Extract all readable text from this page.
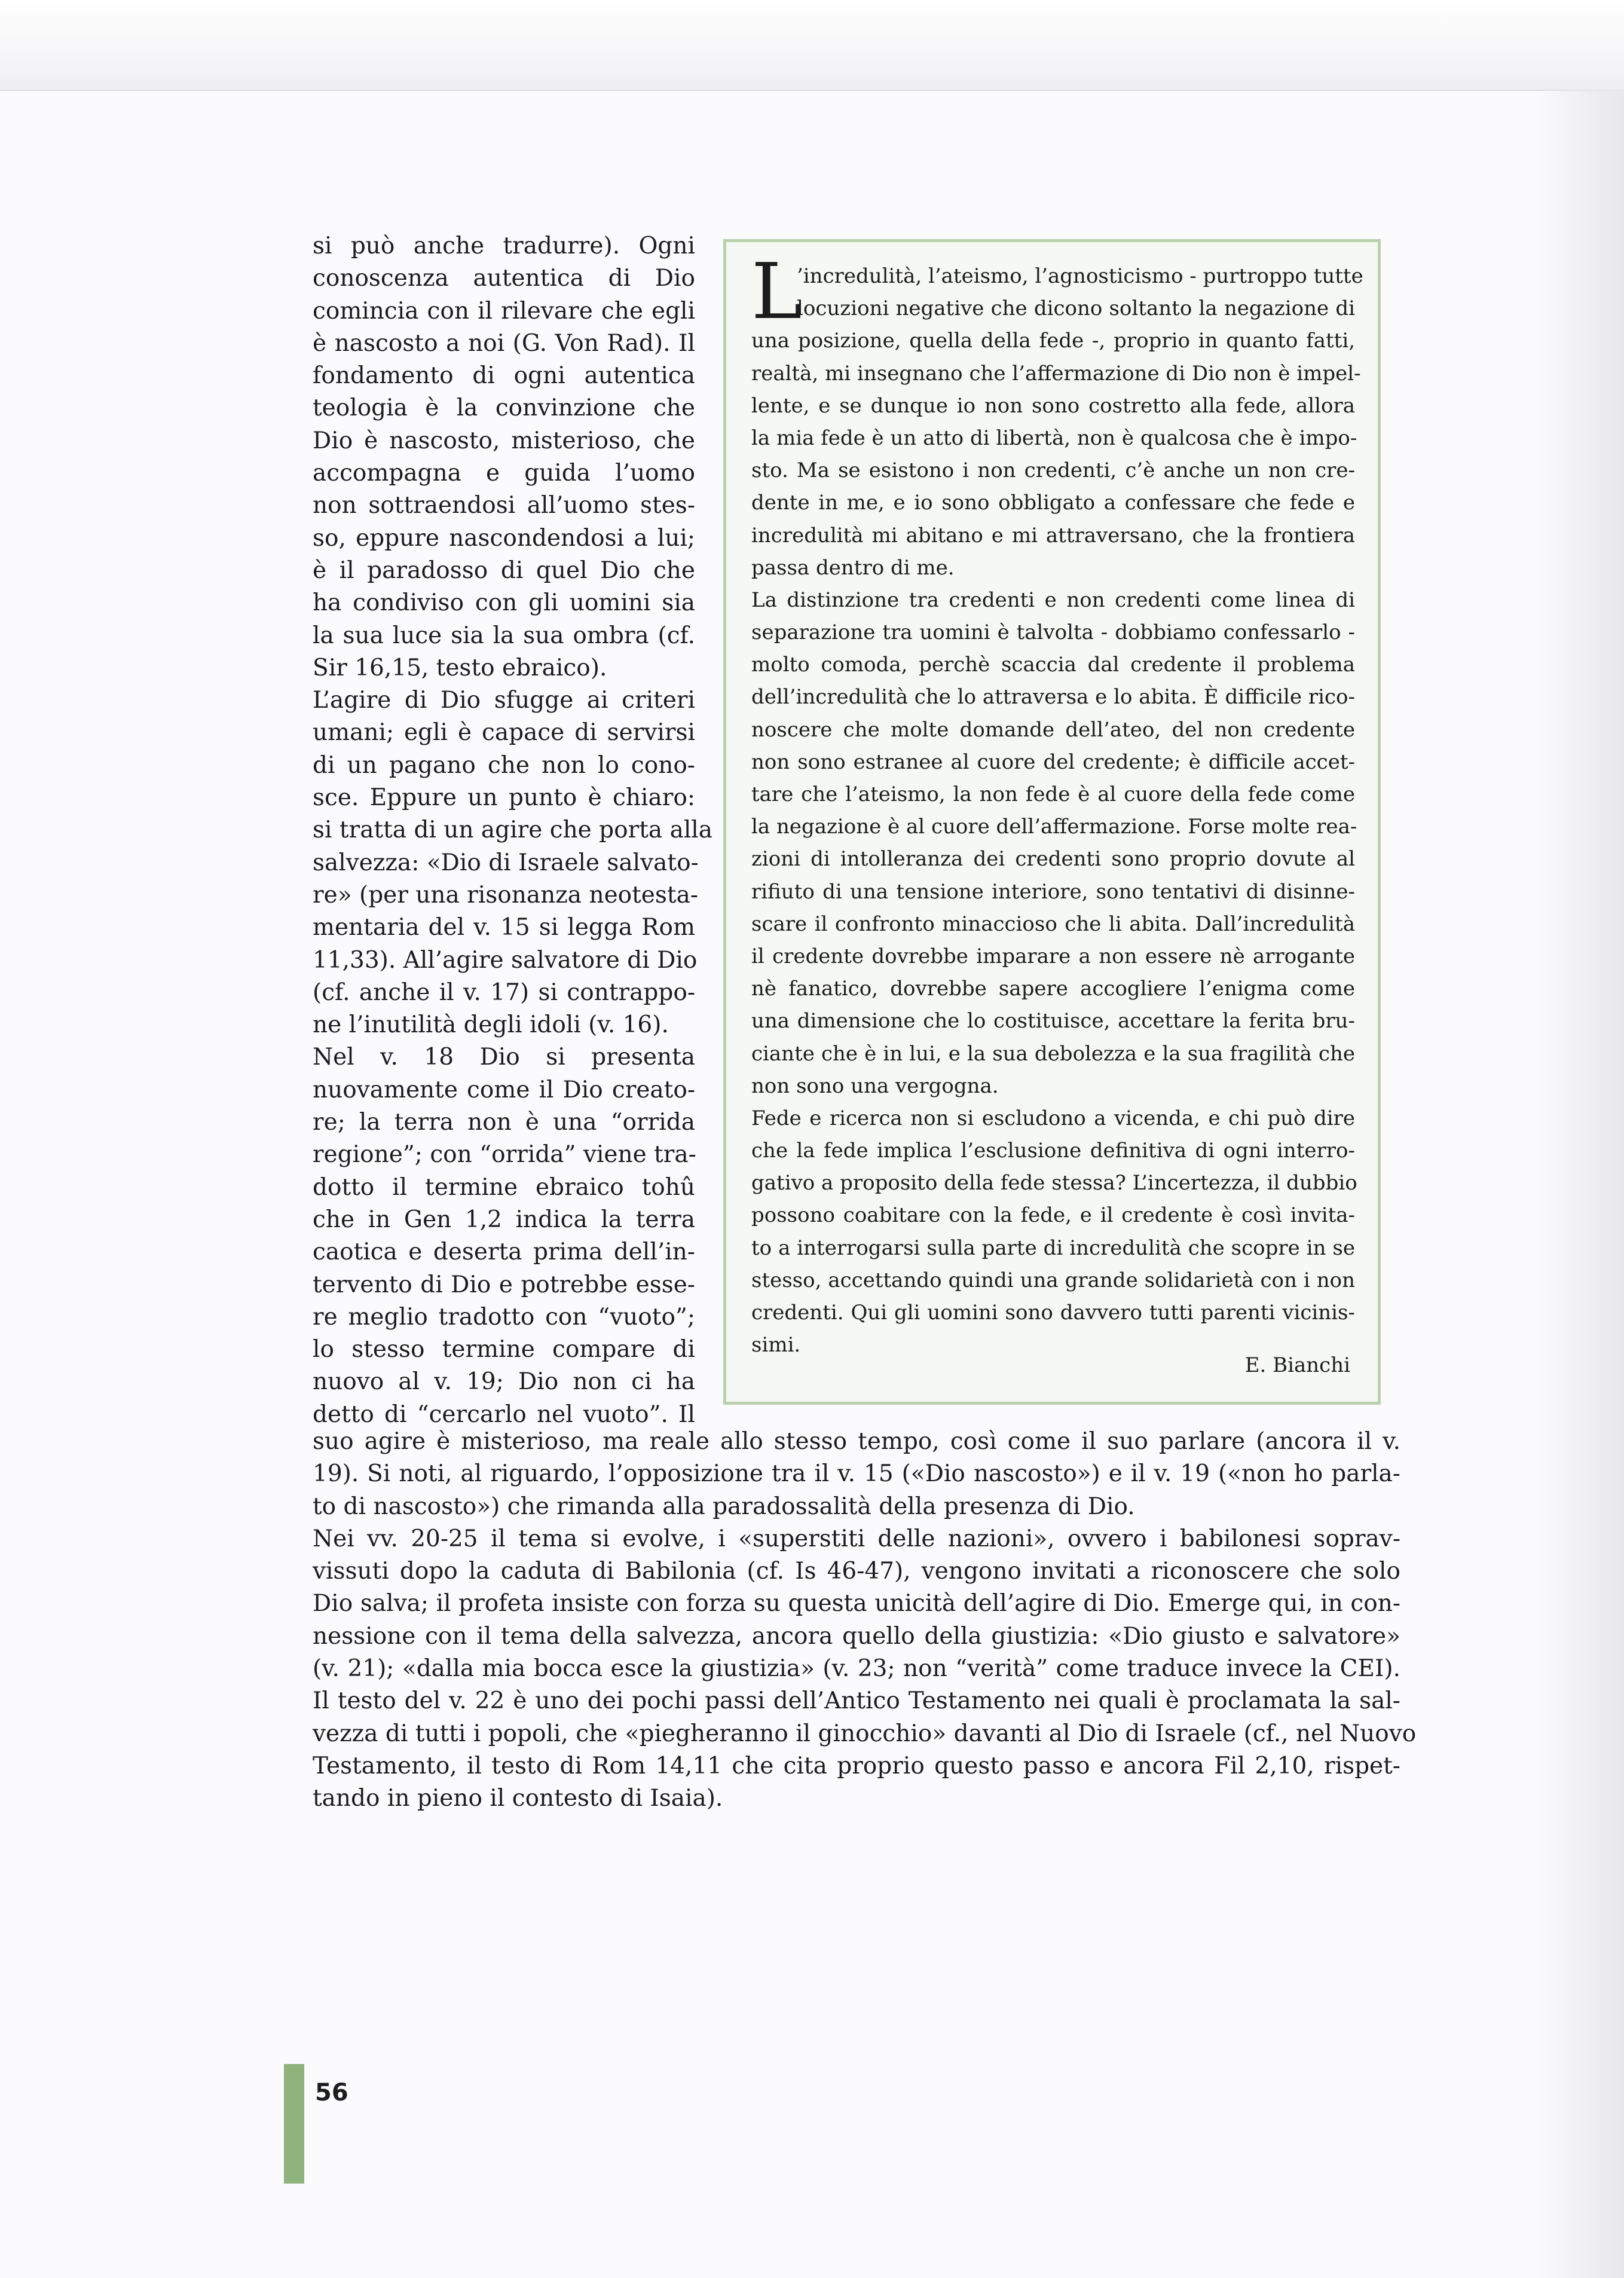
si può anche tradurre). Ogni
conoscenza autentica di Dio
comincia con il rilevare che egli
è nascosto a noi (G. Von Rad). Il
fondamento di ogni autentica
teologia è la convinzione che
Dio è nascosto, misterioso, che
accompagna e guida l’uomo
non sottraendosi all’uomo stes-
so, eppure nascondendosi a lui;
è il paradosso di quel Dio che
ha condiviso con gli uomini sia
la sua luce sia la sua ombra (cf.
Sir 16,15, testo ebraico).
L’agire di Dio sfugge ai criteri
umani; egli è capace di servirsi
di un pagano che non lo cono-
sce. Eppure un punto è chiaro:
si tratta di un agire che porta alla
salvezza: «Dio di Israele salvato-
re» (per una risonanza neotesta-
mentaria del v. 15 si legga Rom
11,33). All’agire salvatore di Dio
(cf. anche il v. 17) si contrappo-
ne l’inutilità degli idoli (v. 16).
Nel v. 18 Dio si presenta
nuovamente come il Dio creato-
re; la terra non è una “orrida
regione”; con “orrida” viene tra-
dotto il termine ebraico tohû
che in Gen 1,2 indica la terra
caotica e deserta prima dell’in-
tervento di Dio e potrebbe esse-
re meglio tradotto con “vuoto”;
lo stesso termine compare di
nuovo al v. 19; Dio non ci ha
detto di “cercarlo nel vuoto”. Il
L
’incredulità, l’ateismo, l’agnosticismo - purtroppo tutte
locuzioni negative che dicono soltanto la negazione di
una posizione, quella della fede -, proprio in quanto fatti,
realtà, mi insegnano che l’affermazione di Dio non è impel-
lente, e se dunque io non sono costretto alla fede, allora
la mia fede è un atto di libertà, non è qualcosa che è impo-
sto. Ma se esistono i non credenti, c’è anche un non cre-
dente in me, e io sono obbligato a confessare che fede e
incredulità mi abitano e mi attraversano, che la frontiera
passa dentro di me.
La distinzione tra credenti e non credenti come linea di
separazione tra uomini è talvolta - dobbiamo confessarlo -
molto comoda, perchè scaccia dal credente il problema
dell’incredulità che lo attraversa e lo abita. È difficile rico-
noscere che molte domande dell’ateo, del non credente
non sono estranee al cuore del credente; è difficile accet-
tare che l’ateismo, la non fede è al cuore della fede come
la negazione è al cuore dell’affermazione. Forse molte rea-
zioni di intolleranza dei credenti sono proprio dovute al
rifiuto di una tensione interiore, sono tentativi di disinne-
scare il confronto minaccioso che li abita. Dall’incredulità
il credente dovrebbe imparare a non essere nè arrogante
nè fanatico, dovrebbe sapere accogliere l’enigma come
una dimensione che lo costituisce, accettare la ferita bru-
ciante che è in lui, e la sua debolezza e la sua fragilità che
non sono una vergogna.
Fede e ricerca non si escludono a vicenda, e chi può dire
che la fede implica l’esclusione definitiva di ogni interro-
gativo a proposito della fede stessa? L’incertezza, il dubbio
possono coabitare con la fede, e il credente è così invita-
to a interrogarsi sulla parte di incredulità che scopre in se
stesso, accettando quindi una grande solidarietà con i non
credenti. Qui gli uomini sono davvero tutti parenti vicinis-
simi.
E. Bianchi
suo agire è misterioso, ma reale allo stesso tempo, così come il suo parlare (ancora il v.
19). Si noti, al riguardo, l’opposizione tra il v. 15 («Dio nascosto») e il v. 19 («non ho parla-
to di nascosto») che rimanda alla paradossalità della presenza di Dio.
Nei vv. 20-25 il tema si evolve, i «superstiti delle nazioni», ovvero i babilonesi soprav-
vissuti dopo la caduta di Babilonia (cf. Is 46-47), vengono invitati a riconoscere che solo
Dio salva; il profeta insiste con forza su questa unicità dell’agire di Dio. Emerge qui, in con-
nessione con il tema della salvezza, ancora quello della giustizia: «Dio giusto e salvatore»
(v. 21); «dalla mia bocca esce la giustizia» (v. 23; non “verità” come traduce invece la CEI).
Il testo del v. 22 è uno dei pochi passi dell’Antico Testamento nei quali è proclamata la sal-
vezza di tutti i popoli, che «piegheranno il ginocchio» davanti al Dio di Israele (cf., nel Nuovo
Testamento, il testo di Rom 14,11 che cita proprio questo passo e ancora Fil 2,10, rispet-
tando in pieno il contesto di Isaia).
56
